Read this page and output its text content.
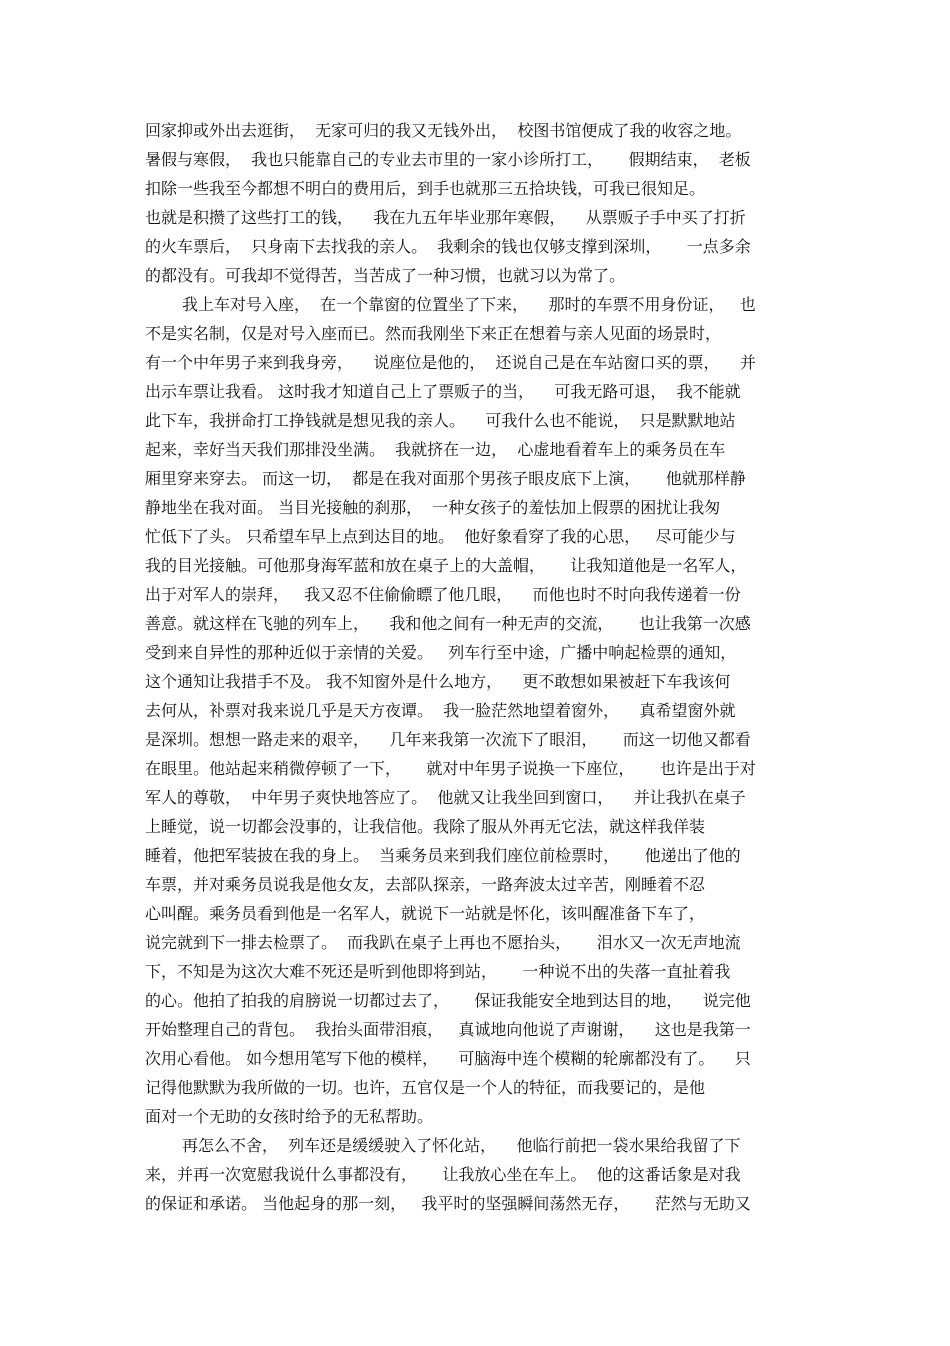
回家抑或外出去逛街，  无家可归的我又无钱外出，  校图书馆便成了我的收容之地。
暑假与寒假，  我也只能靠自己的专业去市里的一家小诊所打工，     假期结束，  老板
扣除一些我至今都想不明白的费用后，到手也就那三五拾块钱，可我已很知足。
也就是积攒了这些打工的钱，    我在九五年毕业那年寒假，    从票贩子手中买了打折
的火车票后，  只身南下去找我的亲人。  我剩余的钱也仅够支撑到深圳，     一点多余
的都没有。可我却不觉得苦，当苦成了一种习惯，也就习以为常了。
我上车对号入座，  在一个靠窗的位置坐了下来，    那时的车票不用身份证，   也
不是实名制，仅是对号入座而已。然而我刚坐下来正在想着与亲人见面的场景时，
有一个中年男子来到我身旁，    说座位是他的，  还说自己是在车站窗口买的票，    并
出示车票让我看。 这时我才知道自己上了票贩子的当，    可我无路可退，  我不能就
此下车，我拼命打工挣钱就是想见我的亲人。    可我什么也不能说，  只是默默地站
起来，幸好当天我们那排没坐满。  我就挤在一边，  心虚地看着车上的乘务员在车
厢里穿来穿去。 而这一切，  都是在我对面那个男孩子眼皮底下上演，     他就那样静
静地坐在我对面。 当目光接触的刹那，  一种女孩子的羞怯加上假票的困扰让我匆
忙低下了头。 只希望车早上点到达目的地。  他好象看穿了我的心思，   尽可能少与
我的目光接触。可他那身海军蓝和放在桌子上的大盖帽，     让我知道他是一名军人，
出于对军人的崇拜，   我又忍不住偷偷瞟了他几眼，    而他也时不时向我传递着一份
善意。就这样在飞驰的列车上，    我和他之间有一种无声的交流，     也让我第一次感
受到来自异性的那种近似于亲情的关爱。   列车行至中途，广播中响起检票的通知，
这个通知让我措手不及。 我不知窗外是什么地方，    更不敢想如果被赶下车我该何
去何从，补票对我来说几乎是天方夜谭。  我一脸茫然地望着窗外，    真希望窗外就
是深圳。想想一路走来的艰辛，    几年来我第一次流下了眼泪，     而这一切他又都看
在眼里。他站起来稍微停顿了一下，     就对中年男子说换一下座位，     也许是出于对
军人的尊敬，  中年男子爽快地答应了。  他就又让我坐回到窗口，    并让我扒在桌子
上睡觉，说一切都会没事的，让我信他。我除了服从外再无它法，就这样我佯装
睡着，他把军装披在我的身上。  当乘务员来到我们座位前检票时，     他递出了他的
车票，并对乘务员说我是他女友，去部队探亲，一路奔波太过辛苦，刚睡着不忍
心叫醒。乘务员看到他是一名军人，就说下一站就是怀化，该叫醒准备下车了，
说完就到下一排去检票了。  而我趴在桌子上再也不愿抬头，     泪水又一次无声地流
下，不知是为这次大难不死还是听到他即将到站，     一种说不出的失落一直扯着我
的心。他拍了拍我的肩膀说一切都过去了，     保证我能安全地到达目的地，    说完他
开始整理自己的背包。  我抬头面带泪痕，   真诚地向他说了声谢谢，    这也是我第一
次用心看他。 如今想用笔写下他的模样，    可脑海中连个模糊的轮廓都没有了。    只
记得他默默为我所做的一切。也许，五官仅是一个人的特征，而我要记的，是他
面对一个无助的女孩时给予的无私帮助。
再怎么不舍，  列车还是缓缓驶入了怀化站，    他临行前把一袋水果给我留了下
来，并再一次宽慰我说什么事都没有，     让我放心坐在车上。  他的这番话象是对我
的保证和承诺。 当他起身的那一刻，   我平时的坚强瞬间荡然无存，     茫然与无助又
